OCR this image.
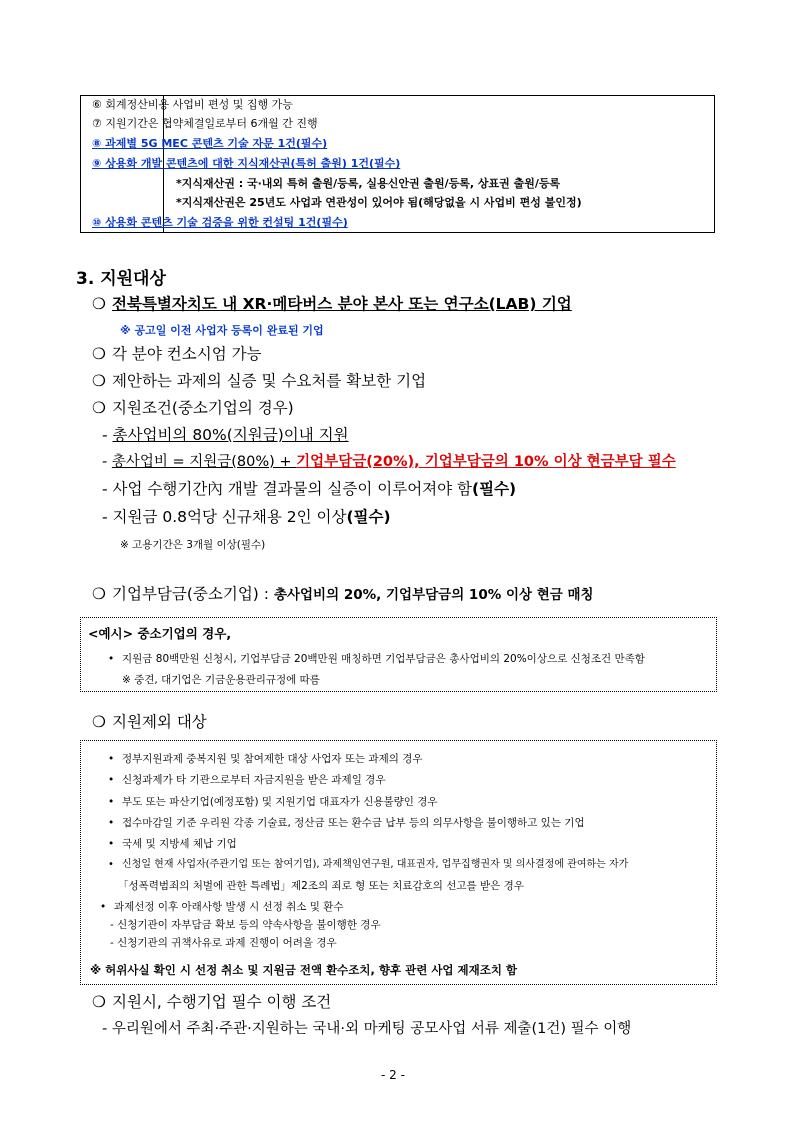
⑥ 회계정산비용 사업비 편성 및 집행 가능
⑦ 지원기간은 협약체결일로부터 6개월 간 진행
⑧ 과제별 5G MEC 콘텐츠 기술 자문 1건(필수)
⑨ 상용화 개발 콘텐츠에 대한 지식재산권(특허 출원) 1건(필수)
*지식재산권 : 국·내외 특허 출원/등록, 실용신안권 출원/등록, 상표권 출원/등록
*지식재산권은 25년도 사업과 연관성이 있어야 됨(해당없을 시 사업비 편성 불인정)
⑩ 상용화 콘텐츠 기술 검증을 위한 컨설팅 1건(필수)
3. 지원대상
❍ 전북특별자치도 내 XR·메타버스 분야 본사 또는 연구소(LAB) 기업
※ 공고일 이전 사업자 등록이 완료된 기업
❍ 각 분야 컨소시엄 가능
❍ 제안하는 과제의 실증 및 수요처를 확보한 기업
❍ 지원조건(중소기업의 경우)
- 총사업비의 80%(지원금)이내 지원
- 총사업비 = 지원금(80%) + 기업부담금(20%), 기업부담금의 10% 이상 현금부담 필수
- 사업 수행기간內 개발 결과물의 실증이 이루어져야 함(필수)
- 지원금 0.8억당 신규채용 2인 이상(필수)
※ 고용기간은 3개월 이상(필수)
❍ 기업부담금(중소기업) : 총사업비의 20%, 기업부담금의 10% 이상 현금 매칭
<예시> 중소기업의 경우,
• 지원금 80백만원 신청시, 기업부담금 20백만원 매칭하면 기업부담금은 총사업비의 20%이상으로 신청조건 만족함
※ 중견, 대기업은 기금운용관리규정에 따름
❍ 지원제외 대상
• 정부지원과제 중복지원 및 참여제한 대상 사업자 또는 과제의 경우
• 신청과제가 타 기관으로부터 자금지원을 받은 과제일 경우
• 부도 또는 파산기업(예정포함) 및 지원기업 대표자가 신용불량인 경우
• 접수마감일 기준 우리원 각종 기술료, 정산금 또는 환수금 납부 등의 의무사항을 불이행하고 있는 기업
• 국세 및 지방세 체납 기업
• 신청일 현재 사업자(주관기업 또는 참여기업), 과제책임연구원, 대표권자, 업무집행권자 및 의사결정에 관여하는 자가
「성폭력범죄의 처벌에 관한 특례법」제2조의 죄로 형 또는 치료감호의 선고를 받은 경우
• 과제선정 이후 아래사항 발생 시 선정 취소 및 환수
- 신청기관이 자부담금 확보 등의 약속사항을 불이행한 경우
- 신청기관의 귀책사유로 과제 진행이 어려울 경우
※ 허위사실 확인 시 선정 취소 및 지원금 전액 환수조치, 향후 관련 사업 제재조치 함
❍ 지원시, 수행기업 필수 이행 조건
- 우리원에서 주최·주관·지원하는 국내·외 마케팅 공모사업 서류 제출(1건) 필수 이행
- 2 -
